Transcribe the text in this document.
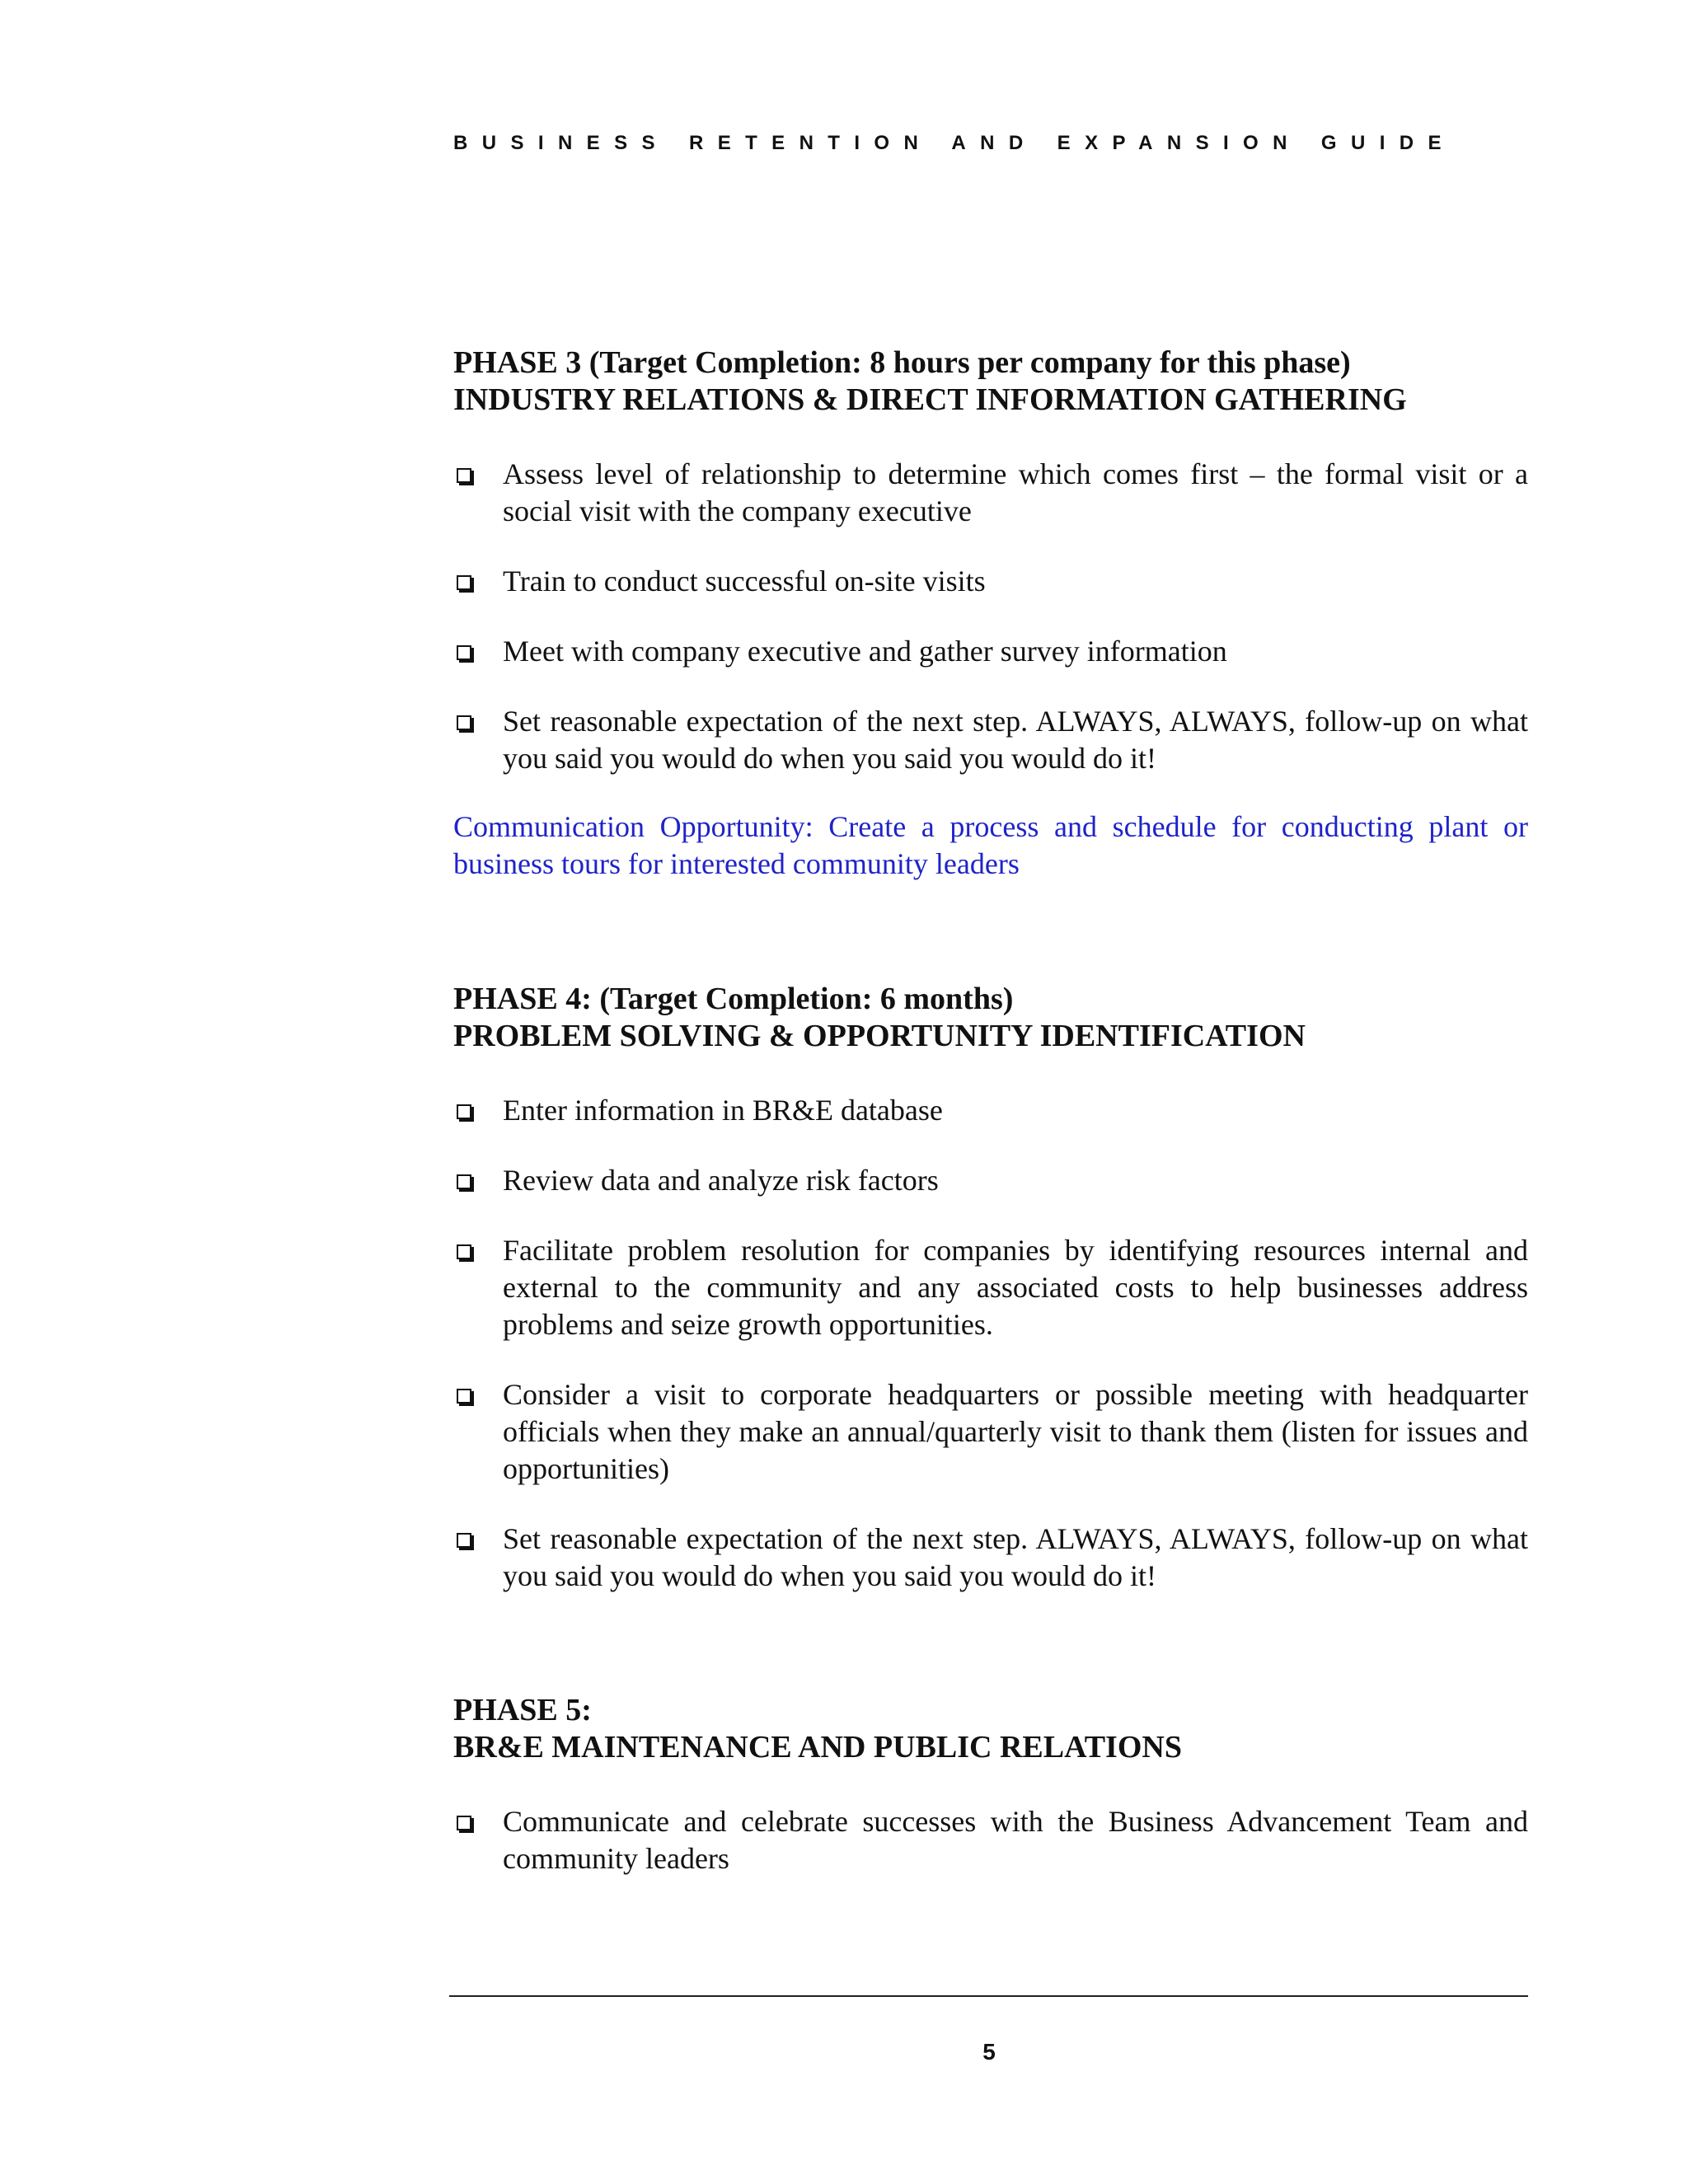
BUSINESS RETENTION AND EXPANSION GUIDE
PHASE 3 (Target Completion: 8 hours per company for this phase)
INDUSTRY RELATIONS & DIRECT INFORMATION GATHERING
Assess level of relationship to determine which comes first – the formal visit or a social visit with the company executive
Train to conduct successful on-site visits
Meet with company executive and gather survey information
Set reasonable expectation of the next step. ALWAYS, ALWAYS, follow-up on what you said you would do when you said you would do it!

Communication Opportunity: Create a process and schedule for conducting plant or business tours for interested community leaders

PHASE 4: (Target Completion: 6 months)
PROBLEM SOLVING & OPPORTUNITY IDENTIFICATION
Enter information in BR&E database
Review data and analyze risk factors
Facilitate problem resolution for companies by identifying resources internal and external to the community and any associated costs to help businesses address problems and seize growth opportunities.
Consider a visit to corporate headquarters or possible meeting with headquarter officials when they make an annual/quarterly visit to thank them (listen for issues and opportunities)
Set reasonable expectation of the next step. ALWAYS, ALWAYS, follow-up on what you said you would do when you said you would do it!
PHASE 5:
BR&E MAINTENANCE AND PUBLIC RELATIONS
Communicate and celebrate successes with the Business Advancement Team and community leaders
5
